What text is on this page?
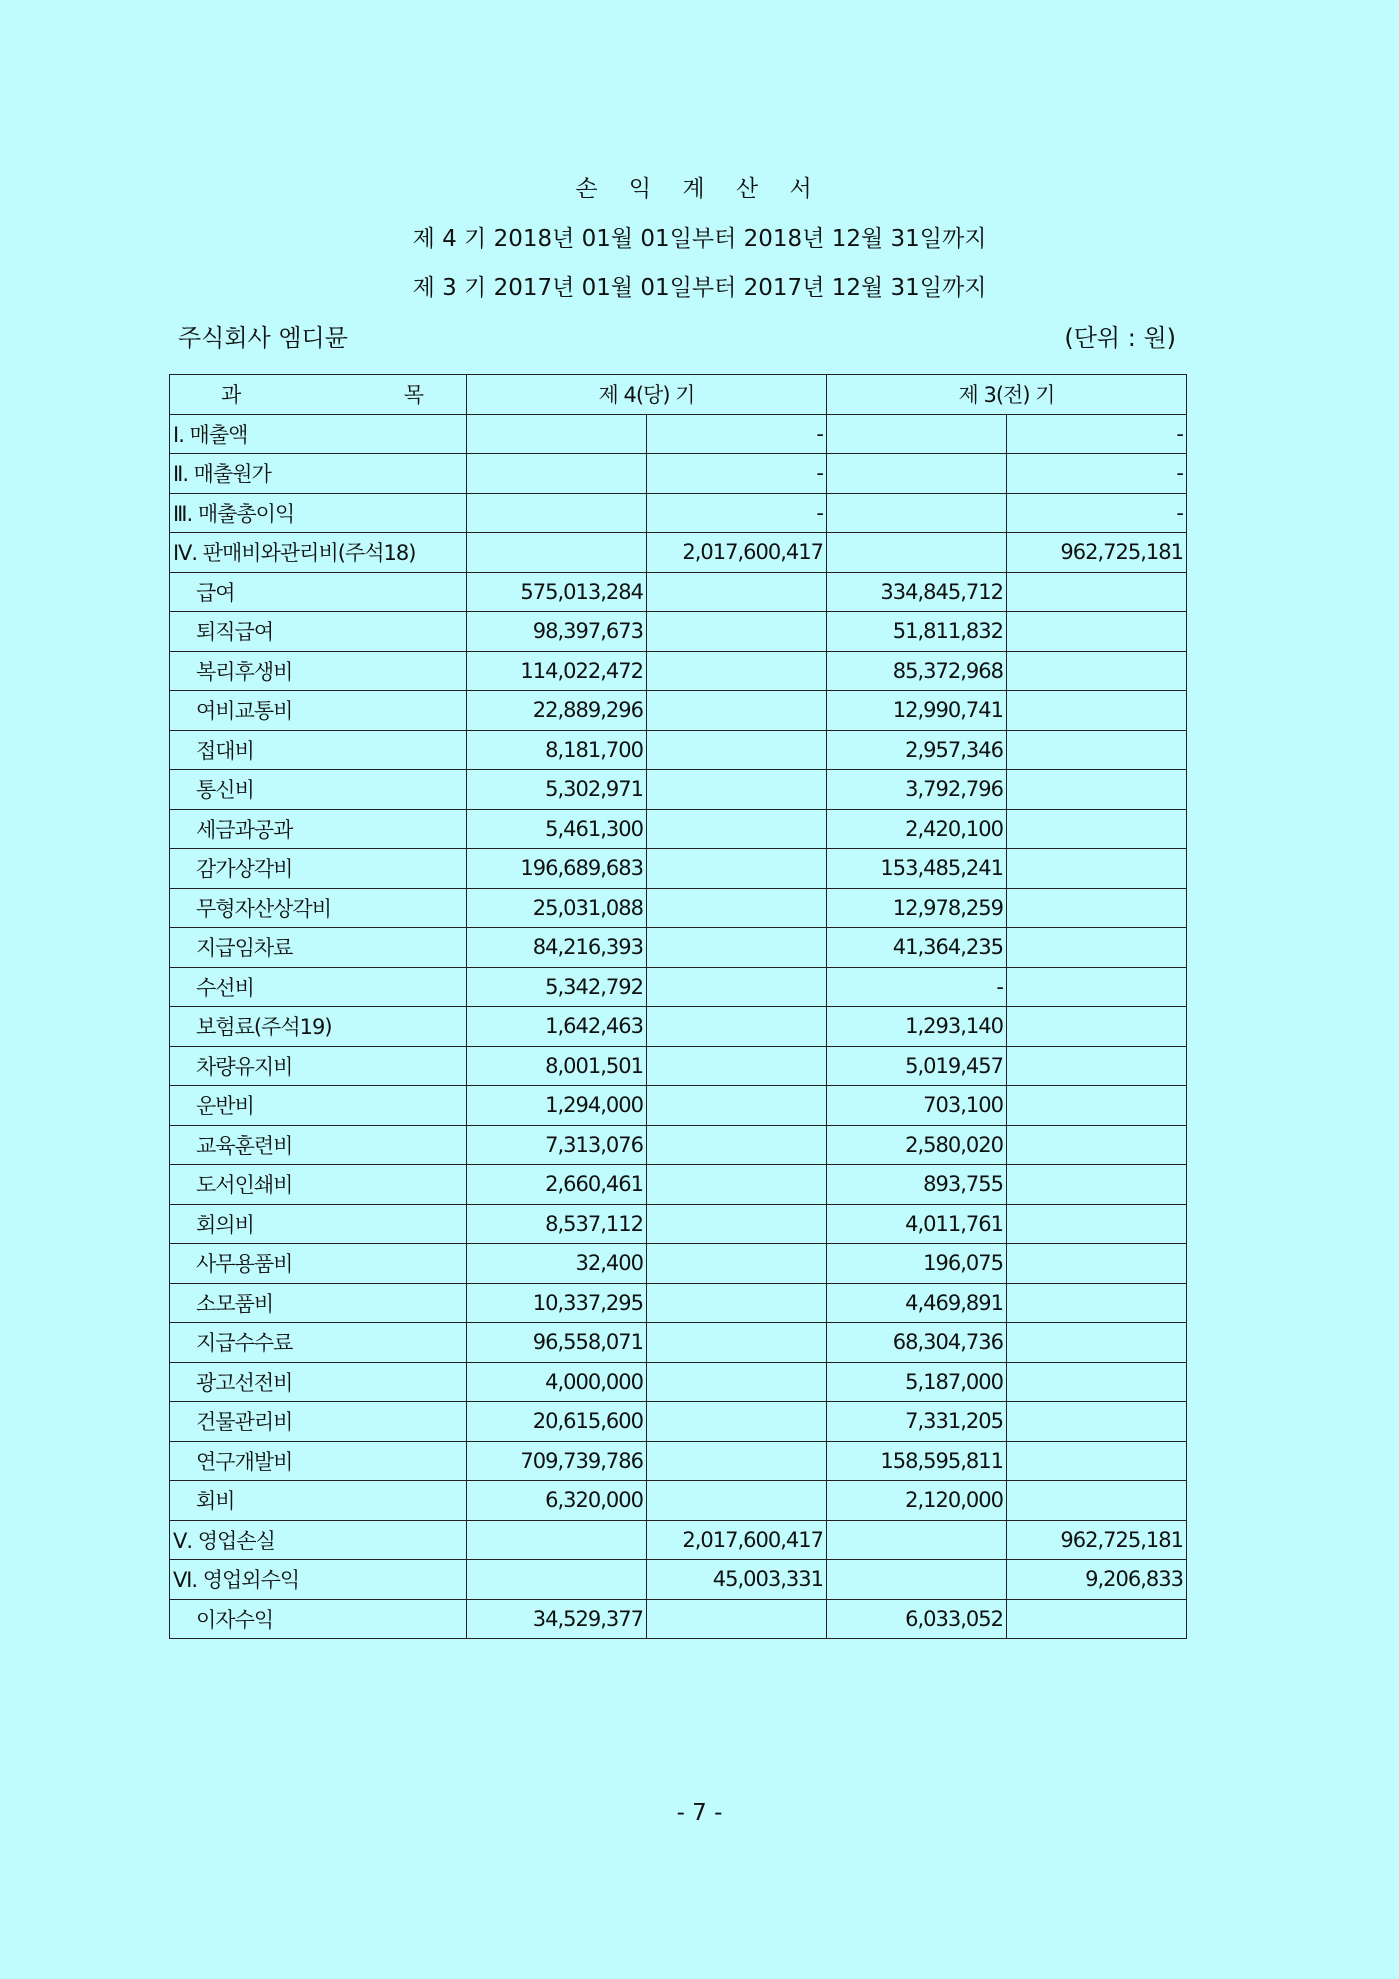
손 익 계 산 서
제 4 기 2018년 01월 01일부터 2018년 12월 31일까지
제 3 기 2017년 01월 01일부터 2017년 12월 31일까지
주식회사 엠디뮨	(단위 : 원)
과 목	제 4(당) 기		제 3(전) 기	
Ⅰ. 매출액		-		-
Ⅱ. 매출원가		-		-
Ⅲ. 매출총이익		-		-
Ⅳ. 판매비와관리비(주석18)		2,017,600,417		962,725,181
급여	575,013,284		334,845,712	
퇴직급여	98,397,673		51,811,832	
복리후생비	114,022,472		85,372,968	
여비교통비	22,889,296		12,990,741	
접대비	8,181,700		2,957,346	
통신비	5,302,971		3,792,796	
세금과공과	5,461,300		2,420,100	
감가상각비	196,689,683		153,485,241	
무형자산상각비	25,031,088		12,978,259	
지급임차료	84,216,393		41,364,235	
수선비	5,342,792		-	
보험료(주석19)	1,642,463		1,293,140	
차량유지비	8,001,501		5,019,457	
운반비	1,294,000		703,100	
교육훈련비	7,313,076		2,580,020	
도서인쇄비	2,660,461		893,755	
회의비	8,537,112		4,011,761	
사무용품비	32,400		196,075	
소모품비	10,337,295		4,469,891	
지급수수료	96,558,071		68,304,736	
광고선전비	4,000,000		5,187,000	
건물관리비	20,615,600		7,331,205	
연구개발비	709,739,786		158,595,811	
회비	6,320,000		2,120,000	
Ⅴ. 영업손실		2,017,600,417		962,725,181
Ⅵ. 영업외수익		45,003,331		9,206,833
이자수익	34,529,377		6,033,052	
- 7 -
